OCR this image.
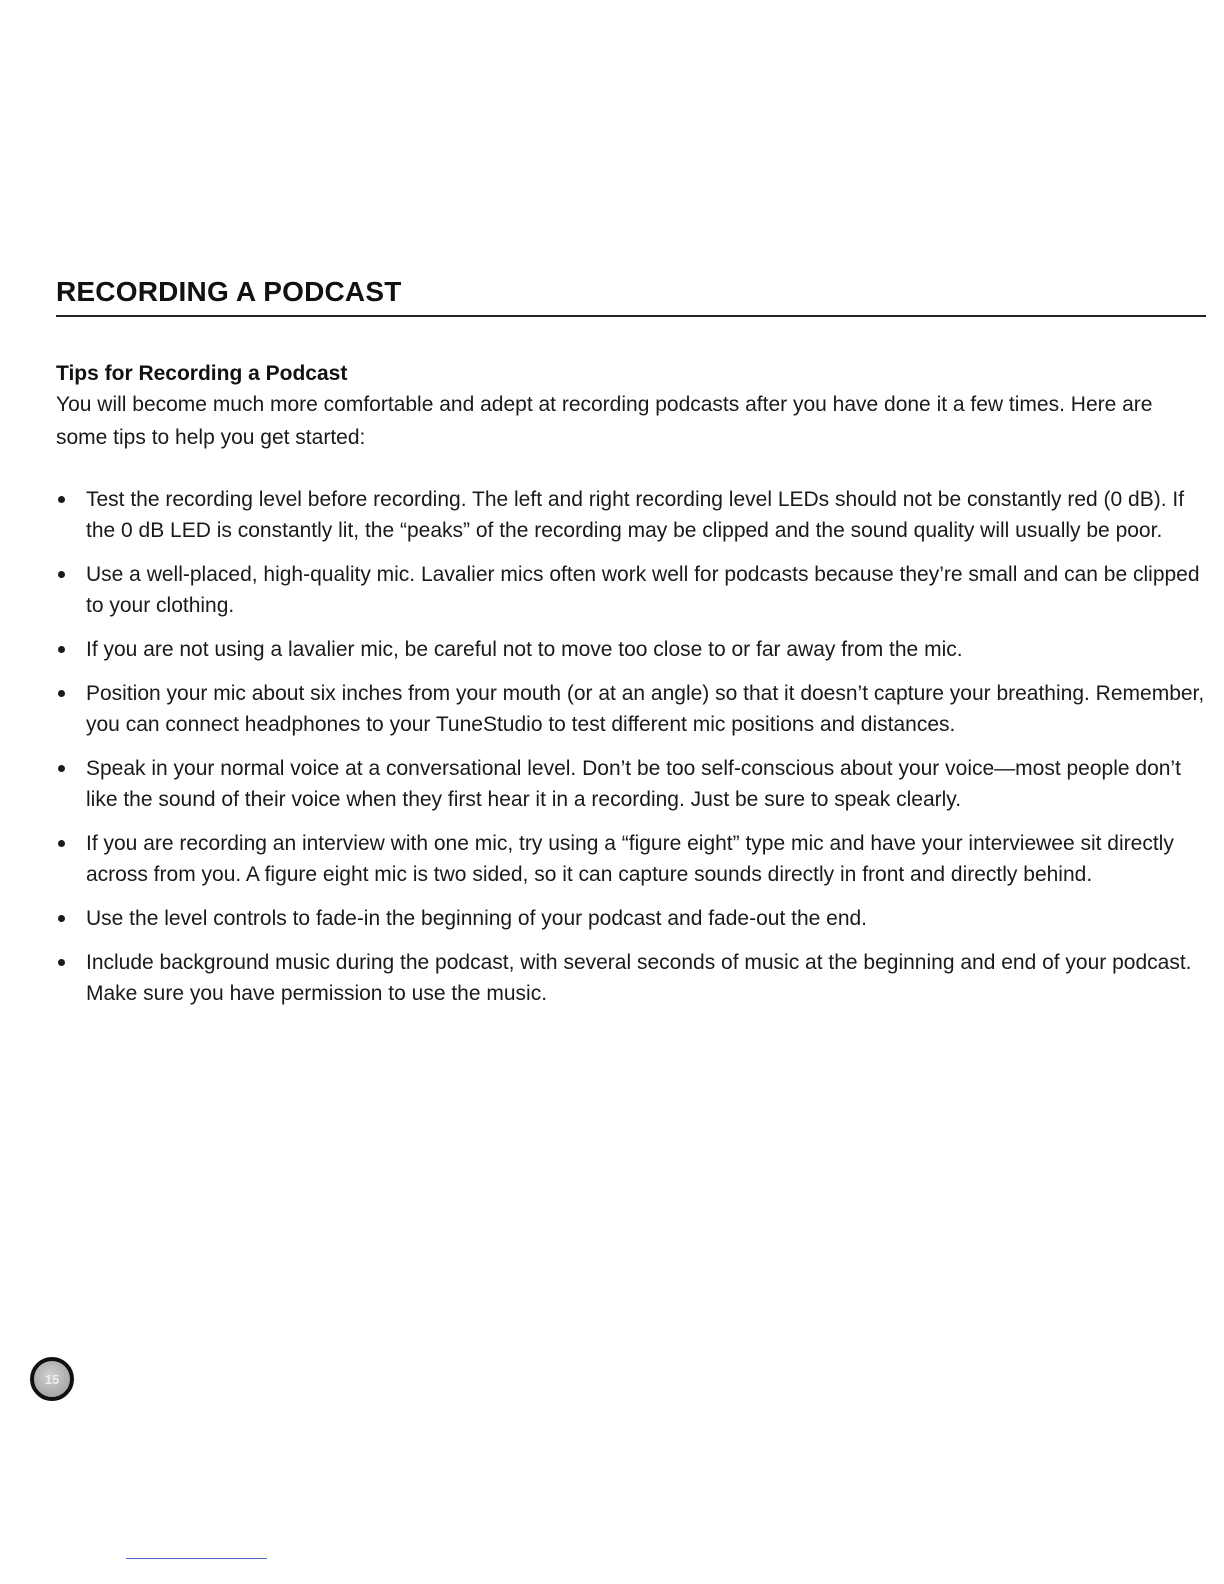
RECORDING A PODCAST
Tips for Recording a Podcast

You will become much more comfortable and adept at recording podcasts after you have done it a few times. Here are some tips to help you get started:

Test the recording level before recording. The left and right recording level LEDs should not be constantly red (0 dB). If the 0 dB LED is constantly lit, the “peaks” of the recording may be clipped and the sound quality will usually be poor.
Use a well-placed, high-quality mic. Lavalier mics often work well for podcasts because they’re small and can be clipped to your clothing.
If you are not using a lavalier mic, be careful not to move too close to or far away from the mic.
Position your mic about six inches from your mouth (or at an angle) so that it doesn’t capture your breathing. Remember, you can connect headphones to your TuneStudio to test different mic positions and distances.
Speak in your normal voice at a conversational level. Don’t be too self-conscious about your voice—most people don’t like the sound of their voice when they first hear it in a recording. Just be sure to speak clearly.
If you are recording an interview with one mic, try using a “figure eight” type mic and have your interviewee sit directly across from you. A figure eight mic is two sided, so it can capture sounds directly in front and directly behind.
Use the level controls to fade-in the beginning of your podcast and fade-out the end.
Include background music during the podcast, with several seconds of music at the beginning and end of your podcast. Make sure you have permission to use the music.
15
